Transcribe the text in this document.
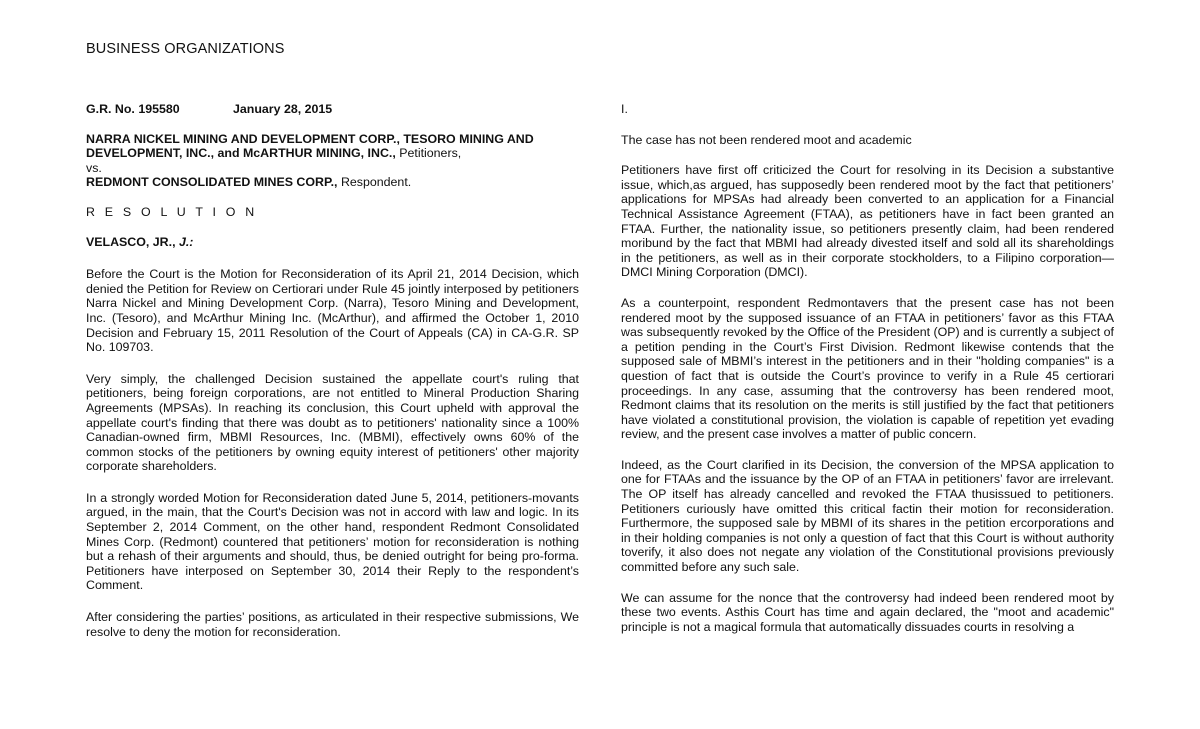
BUSINESS ORGANIZATIONS

G.R. No. 195580	January 28, 2015

NARRA NICKEL MINING AND DEVELOPMENT CORP., TESORO MINING AND DEVELOPMENT, INC., and McARTHUR MINING, INC., Petitioners,
vs.
REDMONT CONSOLIDATED MINES CORP., Respondent.

R E S O L U T I O N

VELASCO, JR., J.:

Before the Court is the Motion for Reconsideration of its April 21, 2014 Decision, which denied the Petition for Review on Certiorari under Rule 45 jointly interposed by petitioners Narra Nickel and Mining Development Corp. (Narra), Tesoro Mining and Development, Inc. (Tesoro), and McArthur Mining Inc. (McArthur), and affirmed the October 1, 2010 Decision and February 15, 2011 Resolution of the Court of Appeals (CA) in CA-G.R. SP No. 109703.

Very simply, the challenged Decision sustained the appellate court's ruling that petitioners, being foreign corporations, are not entitled to Mineral Production Sharing Agreements (MPSAs). In reaching its conclusion, this Court upheld with approval the appellate court's finding that there was doubt as to petitioners' nationality since a 100% Canadian-owned firm, MBMI Resources, Inc. (MBMI), effectively owns 60% of the common stocks of the petitioners by owning equity interest of petitioners' other majority corporate shareholders.

In a strongly worded Motion for Reconsideration dated June 5, 2014, petitioners-movants argued, in the main, that the Court's Decision was not in accord with law and logic. In its September 2, 2014 Comment, on the other hand, respondent Redmont Consolidated Mines Corp. (Redmont) countered that petitioners’ motion for reconsideration is nothing but a rehash of their arguments and should, thus, be denied outright for being pro-forma. Petitioners have interposed on September 30, 2014 their Reply to the respondent’s Comment.

After considering the parties’ positions, as articulated in their respective submissions, We resolve to deny the motion for reconsideration.

I.

The case has not been rendered moot and academic

Petitioners have first off criticized the Court for resolving in its Decision a substantive issue, which,as argued, has supposedly been rendered moot by the fact that petitioners’ applications for MPSAs had already been converted to an application for a Financial Technical Assistance Agreement (FTAA), as petitioners have in fact been granted an FTAA. Further, the nationality issue, so petitioners presently claim, had been rendered moribund by the fact that MBMI had already divested itself and sold all its shareholdings in the petitioners, as well as in their corporate stockholders, to a Filipino corporation—DMCI Mining Corporation (DMCI).

As a counterpoint, respondent Redmontavers that the present case has not been rendered moot by the supposed issuance of an FTAA in petitioners’ favor as this FTAA was subsequently revoked by the Office of the President (OP) and is currently a subject of a petition pending in the Court’s First Division. Redmont likewise contends that the supposed sale of MBMI’s interest in the petitioners and in their "holding companies" is a question of fact that is outside the Court’s province to verify in a Rule 45 certiorari proceedings. In any case, assuming that the controversy has been rendered moot, Redmont claims that its resolution on the merits is still justified by the fact that petitioners have violated a constitutional provision, the violation is capable of repetition yet evading review, and the present case involves a matter of public concern.

Indeed, as the Court clarified in its Decision, the conversion of the MPSA application to one for FTAAs and the issuance by the OP of an FTAA in petitioners’ favor are irrelevant. The OP itself has already cancelled and revoked the FTAA thusissued to petitioners. Petitioners curiously have omitted this critical factin their motion for reconsideration. Furthermore, the supposed sale by MBMI of its shares in the petition ercorporations and in their holding companies is not only a question of fact that this Court is without authority toverify, it also does not negate any violation of the Constitutional provisions previously committed before any such sale.

We can assume for the nonce that the controversy had indeed been rendered moot by these two events. Asthis Court has time and again declared, the "moot and academic" principle is not a magical formula that automatically dissuades courts in resolving a
